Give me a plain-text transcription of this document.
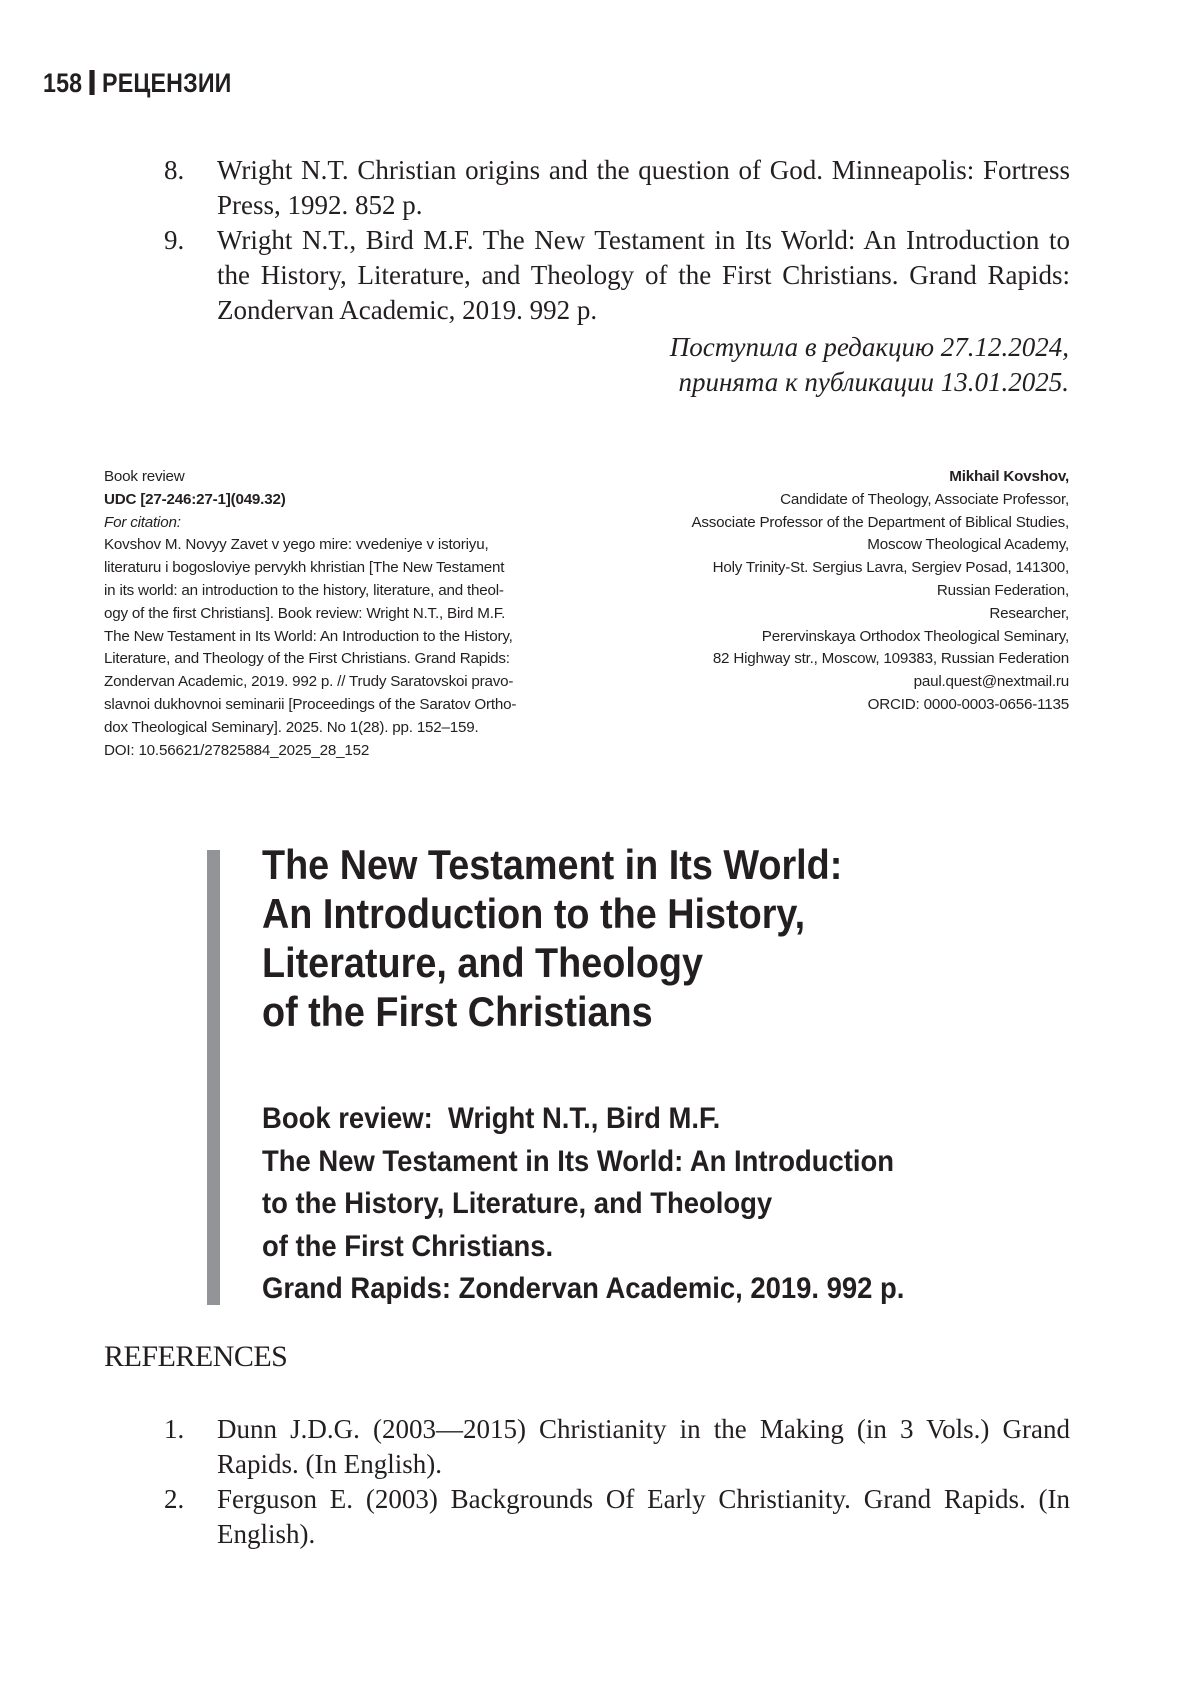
158 РЕЦЕНЗИИ
8.	Wright N.T. Christian origins and the question of God. Minneapolis: Fortress Press, 1992. 852 p.
9.	Wright N.T., Bird M.F. The New Testament in Its World: An Introduction to the History, Literature, and Theology of the First Christians. Grand Rapids: Zondervan Academic, 2019. 992 p.
Поступила в редакцию 27.12.2024,
принята к публикации 13.01.2025.
Book review
UDC [27-246:27-1](049.32)
For citation:
Kovshov M. Novyy Zavet v yego mire: vvedeniye v istoriyu,
literaturu i bogosloviye pervykh khristian [The New Testament
in its world: an introduction to the history, literature, and theol-
ogy of the first Christians]. Book review: Wright N.T., Bird M.F.
The New Testament in Its World: An Introduction to the History,
Literature, and Theology of the First Christians. Grand Rapids:
Zondervan Academic, 2019. 992 p. // Trudy Saratovskoi pravo-
slavnoi dukhovnoi seminarii [Proceedings of the Saratov Ortho-
dox Theological Seminary]. 2025. No 1(28). pp. 152–159.
DOI: 10.56621/27825884_2025_28_152
Mikhail Kovshov,
Candidate of Theology, Associate Professor,
Associate Professor of the Department of Biblical Studies,
Moscow Theological Academy,
Holy Trinity-St. Sergius Lavra, Sergiev Posad, 141300,
Russian Federation,
Researcher,
Perervinskaya Orthodox Theological Seminary,
82 Highway str., Moscow, 109383, Russian Federation
paul.quest@nextmail.ru
ORCID: 0000-0003-0656-1135
The New Testament in Its World:
An Introduction to the History,
Literature, and Theology
of the First Christians
Book review:  Wright N.T., Bird M.F.
The New Testament in Its World: An Introduction
to the History, Literature, and Theology
of the First Christians.
Grand Rapids: Zondervan Academic, 2019. 992 p.
REFERENCES
1.	Dunn J.D.G. (2003—2015) Christianity in the Making (in 3 Vols.) Grand Rapids. (In English).
2.	Ferguson E. (2003) Backgrounds Of Early Christianity. Grand Rapids. (In English).
